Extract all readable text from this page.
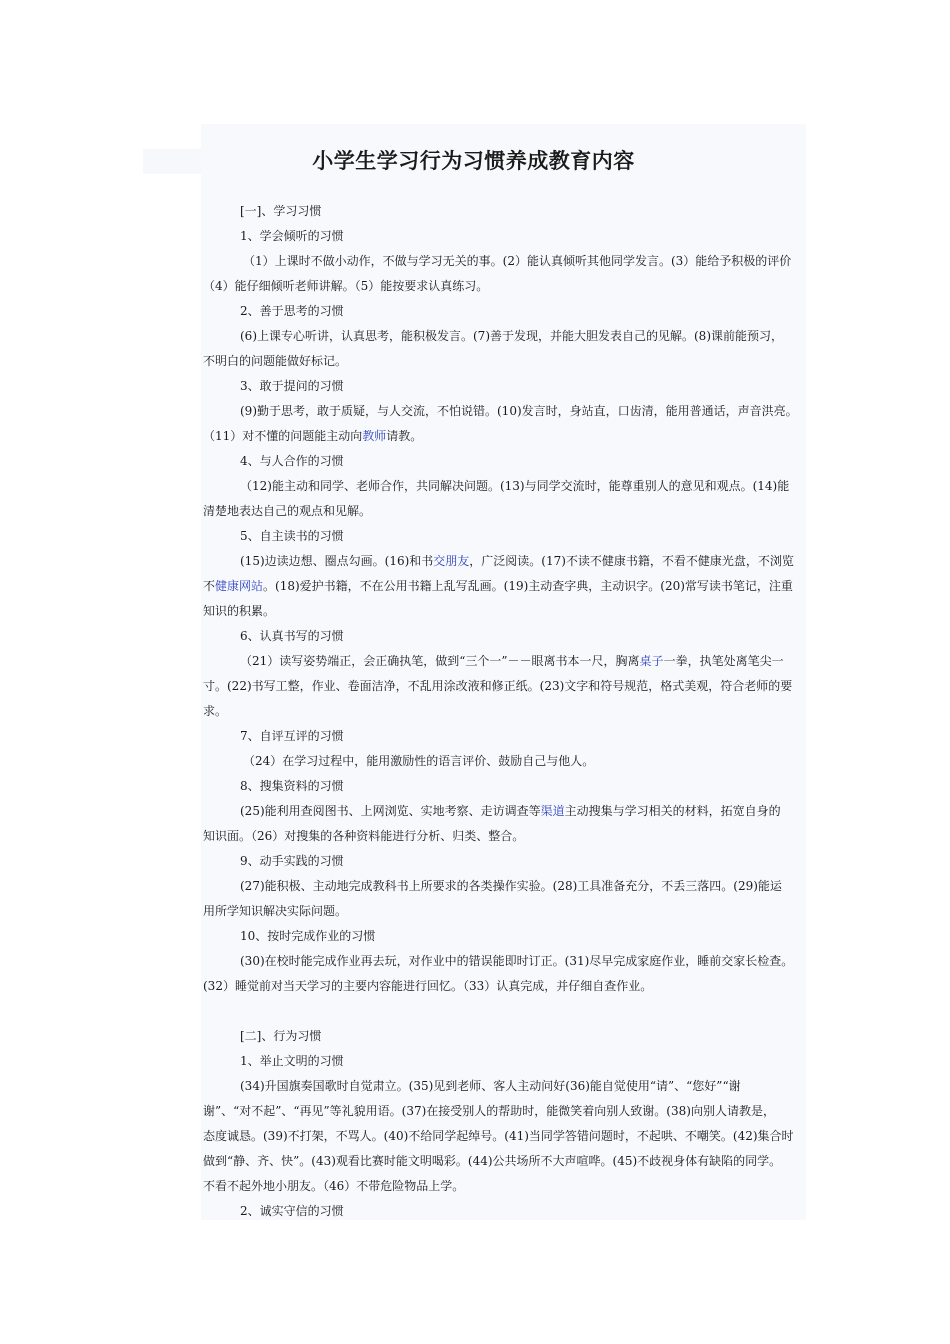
小学生学习行为习惯养成教育内容

[一]、学习习惯

1、学会倾听的习惯

（1）上课时不做小动作，不做与学习无关的事。(2）能认真倾听其他同学发言。(3）能给予积极的评价

（4）能仔细倾听老师讲解。（5）能按要求认真练习。

2、善于思考的习惯

(6)上课专心听讲，认真思考，能积极发言。(7)善于发现，并能大胆发表自己的见解。(8)课前能预习，

不明白的问题能做好标记。

3、敢于提问的习惯

(9)勤于思考，敢于质疑，与人交流，不怕说错。(10)发言时，身站直，口齿清，能用普通话，声音洪亮。

（11）对不懂的问题能主动向教师请教。

4、与人合作的习惯

（12)能主动和同学、老师合作，共同解决问题。(13)与同学交流时，能尊重别人的意见和观点。(14)能

清楚地表达自己的观点和见解。

5、自主读书的习惯

(15)边读边想、圈点勾画。(16)和书交朋友，广泛阅读。(17)不读不健康书籍，不看不健康光盘，不浏览

不健康网站。(18)爱护书籍，不在公用书籍上乱写乱画。(19)主动查字典，主动识字。(20)常写读书笔记，注重

知识的积累。

6、认真书写的习惯

（21）读写姿势端正，会正确执笔，做到“三个一”－－眼离书本一尺，胸离桌子一拳，执笔处离笔尖一

寸。(22)书写工整，作业、卷面洁净，不乱用涂改液和修正纸。(23)文字和符号规范，格式美观，符合老师的要

求。

7、自评互评的习惯

（24）在学习过程中，能用激励性的语言评价、鼓励自己与他人。

8、搜集资料的习惯

(25)能利用查阅图书、上网浏览、实地考察、走访调查等渠道主动搜集与学习相关的材料，拓宽自身的

知识面。（26）对搜集的各种资料能进行分析、归类、整合。

9、动手实践的习惯

(27)能积极、主动地完成教科书上所要求的各类操作实验。(28)工具准备充分，不丢三落四。(29)能运

用所学知识解决实际问题。

10、按时完成作业的习惯

(30)在校时能完成作业再去玩，对作业中的错误能即时订正。(31)尽早完成家庭作业，睡前交家长检查。

(32）睡觉前对当天学习的主要内容能进行回忆。（33）认真完成，并仔细自查作业。

[二]、行为习惯

1、举止文明的习惯

(34)升国旗奏国歌时自觉肃立。(35)见到老师、客人主动问好(36)能自觉使用“请”、“您好”“谢

谢”、“对不起”、“再见”等礼貌用语。(37)在接受别人的帮助时，能微笑着向别人致谢。(38)向别人请教是，

态度诚恳。(39)不打架，不骂人。(40)不给同学起绰号。(41)当同学答错问题时，不起哄、不嘲笑。(42)集合时

做到“静、齐、快”。(43)观看比赛时能文明喝彩。(44)公共场所不大声喧哗。(45)不歧视身体有缺陷的同学。

不看不起外地小朋友。（46）不带危险物品上学。

2、诚实守信的习惯
